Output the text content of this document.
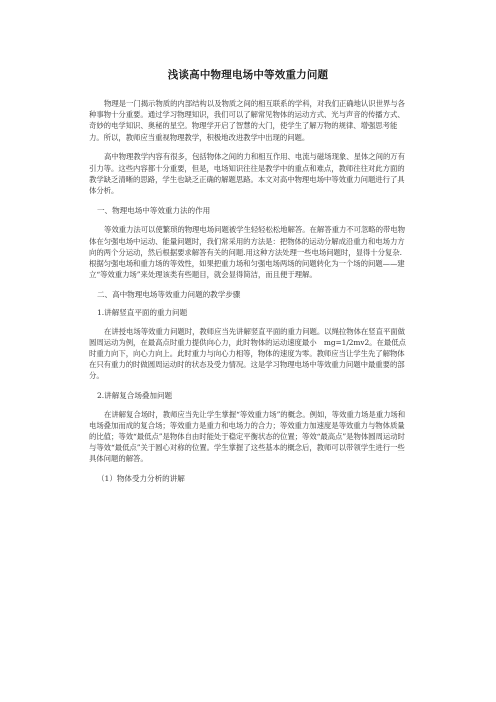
浅谈高中物理电场中等效重力问题

物理是一门揭示物质的内部结构以及物质之间的相互联系的学科，对我们正确地认识世界与各种事物十分重要。通过学习物理知识，我们可以了解常见物体的运动方式、光与声音的传播方式、奇妙的电学知识、奥秘的星空。物理学开启了智慧的大门，使学生了解万物的规律、增强思考能力。所以，教师应当重视物理教学，积极地改进教学中出现的问题。

高中物理教学内容有很多，包括物体之间的力和相互作用、电流与磁场现象、星体之间的万有引力等。这些内容都十分重要，但是，电场知识往往是教学中的重点和难点，教师往往对此方面的教学缺乏清晰的思路，学生也缺乏正确的解题思路。本文对高中物理电场中等效重力问题进行了具体分析。

一、物理电场中等效重力法的作用

等效重力法可以使繁琐的物理电场问题被学生轻轻松松地解答。在解答重力不可忽略的带电物体在匀强电场中运动、能量问题时，我们常采用的方法是：把物体的运动分解成沿重力和电场力方向的两个分运动，然后根据要求解答有关的问题.用这种方法处理一些电场问题时，显得十分复杂.根据匀强电场和重力场的等效性，如果把重力场和匀强电场两场的问题转化为一个场的问题——建立“等效重力场”来处理该类有些题目，就会显得简洁，而且便于理解。

二、高中物理电场等效重力问题的教学步骤

1.讲解竖直平面的重力问题

在讲授电场等效重力问题时，教师应当先讲解竖直平面的重力问题。以绳拉物体在竖直平面做圆周运动为例，在最高点时重力提供向心力，此时物体的运动速度最小　mg=1/2mv2。在最低点时重力向下，向心力向上。此时重力与向心力相等，物体的速度为零。教师应当让学生先了解物体在只有重力的时做圆周运动时的状态及受力情况。这是学习物理电场中等效重力问题中最重要的部分。

2.讲解复合场叠加问题

在讲解复合场时，教师应当先让学生掌握“等效重力场”的概念。例如，等效重力场是重力场和电场叠加而成的复合场；等效重力是重力和电场力的合力；等效重力加速度是等效重力与物体质量的比值；等效“最低点”是物体自由时能处于稳定平衡状态的位置；等效“最高点”是物体圆周运动时与等效“最低点”关于圆心对称的位置。学生掌握了这些基本的概念后，教师可以带领学生进行一些具体问题的解答。

（1）物体受力分析的讲解
